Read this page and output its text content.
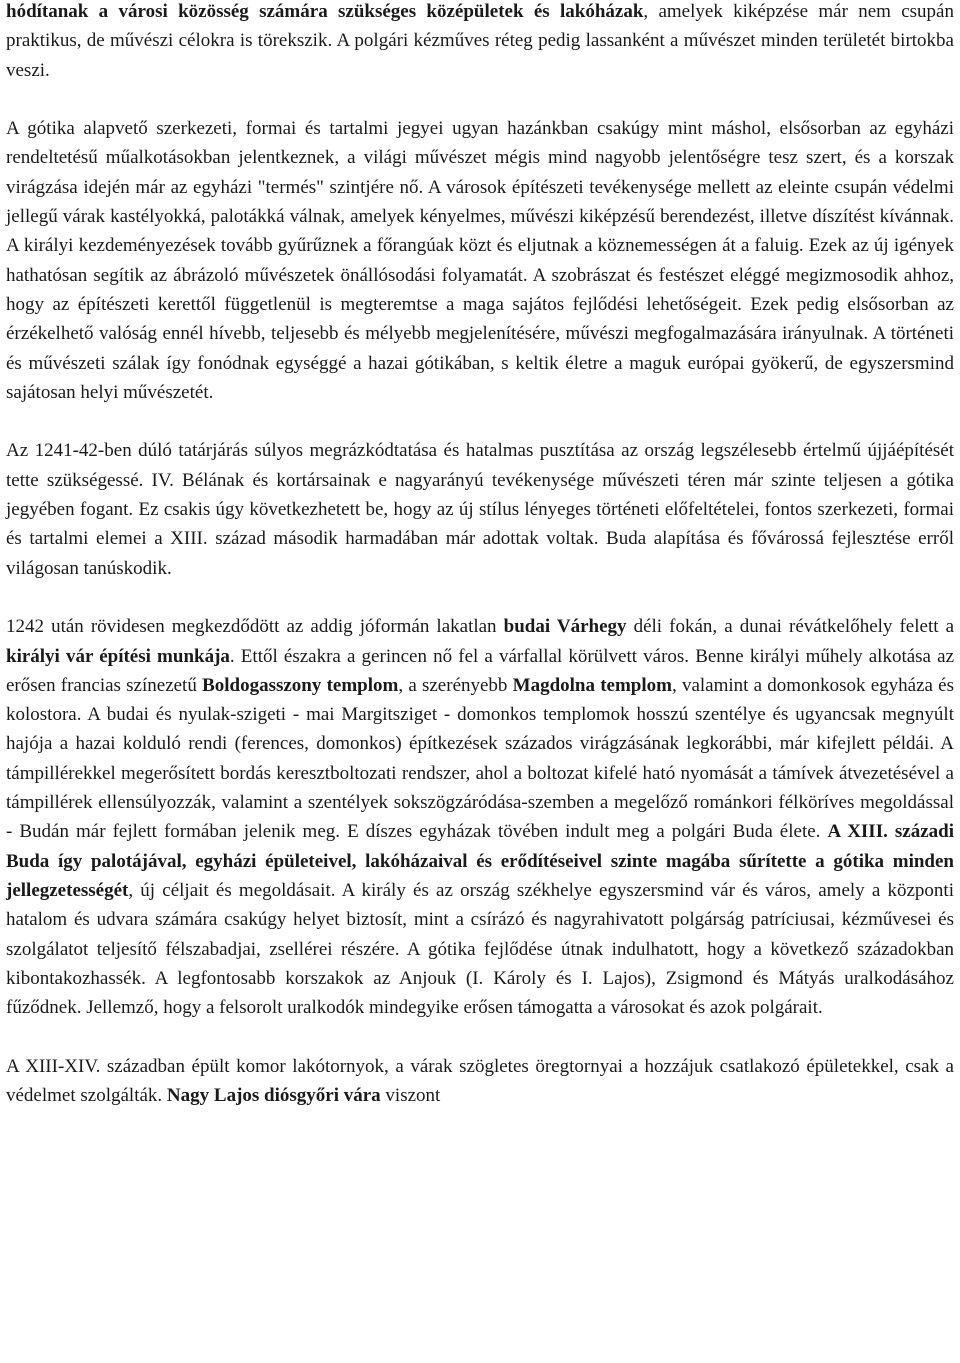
hódítanak a városi közösség számára szükséges középületek és lakóházak, amelyek kiképzése már nem csupán praktikus, de művészi célokra is törekszik. A polgári kézműves réteg pedig lassanként a művészet minden területét birtokba veszi.

A gótika alapvető szerkezeti, formai és tartalmi jegyei ugyan hazánkban csakúgy mint máshol, elsősorban az egyházi rendeltetésű műalkotásokban jelentkeznek, a világi művészet mégis mind nagyobb jelentőségre tesz szert, és a korszak virágzása idején már az egyházi "termés" szintjére nő. A városok építészeti tevékenysége mellett az eleinte csupán védelmi jellegű várak kastélyokká, palotákká válnak, amelyek kényelmes, művészi kiképzésű berendezést, illetve díszítést kívánnak. A királyi kezdeményezések tovább gyűrűznek a főrangúak közt és eljutnak a köznemességen át a faluig. Ezek az új igények hathatósan segítik az ábrázoló művészetek önállósodási folyamatát. A szobrászat és festészet eléggé megizmosodik ahhoz, hogy az építészeti kerettől függetlenül is megteremtse a maga sajátos fejlődési lehetőségeit. Ezek pedig elsősorban az érzékelhető valóság ennél hívebb, teljesebb és mélyebb megjelenítésére, művészi megfogalmazására irányulnak. A történeti és művészeti szálak így fonódnak egységgé a hazai gótikában, s keltik életre a maguk európai gyökerű, de egyszersmind sajátosan helyi művészetét.

Az 1241-42-ben dúló tatárjárás súlyos megrázkódtatása és hatalmas pusztítása az ország legszélesebb értelmű újjáépítését tette szükségessé. IV. Bélának és kortársainak e nagyarányú tevékenysége művészeti téren már szinte teljesen a gótika jegyében fogant. Ez csakis úgy következhetett be, hogy az új stílus lényeges történeti előfeltételei, fontos szerkezeti, formai és tartalmi elemei a XIII. század második harmadában már adottak voltak. Buda alapítása és fővárossá fejlesztése erről világosan tanúskodik.

1242 után rövidesen megkezdődött az addig jóformán lakatlan budai Várhegy déli fokán, a dunai révátkelőhely felett a királyi vár építési munkája. Ettől északra a gerincen nő fel a várfallal körülvett város. Benne királyi műhely alkotása az erősen francias színezetű Boldogasszony templom, a szerényebb Magdolna templom, valamint a domonkosok egyháza és kolostora. A budai és nyulak-szigeti - mai Margitsziget - domonkos templomok hosszú szentélye és ugyancsak megnyúlt hajója a hazai kolduló rendi (ferences, domonkos) építkezések százados virágzásának legkorábbi, már kifejlett példái. A támpillérekkel megerősített bordás keresztboltozati rendszer, ahol a boltozat kifelé ható nyomását a támívek átvezetésével a támpillérek ellensúlyozzák, valamint a szentélyek sokszögzáródása-szemben a megelőző románkori félköríves megoldással - Budán már fejlett formában jelenik meg. E díszes egyházak tövében indult meg a polgári Buda élete. A XIII. századi Buda így palotájával, egyházi épületeivel, lakóházaival és erődítéseivel szinte magába sűrítette a gótika minden jellegzetességét, új céljait és megoldásait. A király és az ország székhelye egyszersmind vár és város, amely a központi hatalom és udvara számára csakúgy helyet biztosít, mint a csírázó és nagyrahivatott polgárság patríciusai, kézművesei és szolgálatot teljesítő félszabadjai, zsellérei részére. A gótika fejlődése útnak indulhatott, hogy a következő századokban kibontakozhassék. A legfontosabb korszakok az Anjouk (I. Károly és I. Lajos), Zsigmond és Mátyás uralkodásához fűződnek. Jellemző, hogy a felsorolt uralkodók mindegyike erősen támogatta a városokat és azok polgárait.

A XIII-XIV. században épült komor lakótornyok, a várak szögletes öregtornyai a hozzájuk csatlakozó épületekkel, csak a védelmet szolgálták. Nagy Lajos diósgyőri vára viszont
